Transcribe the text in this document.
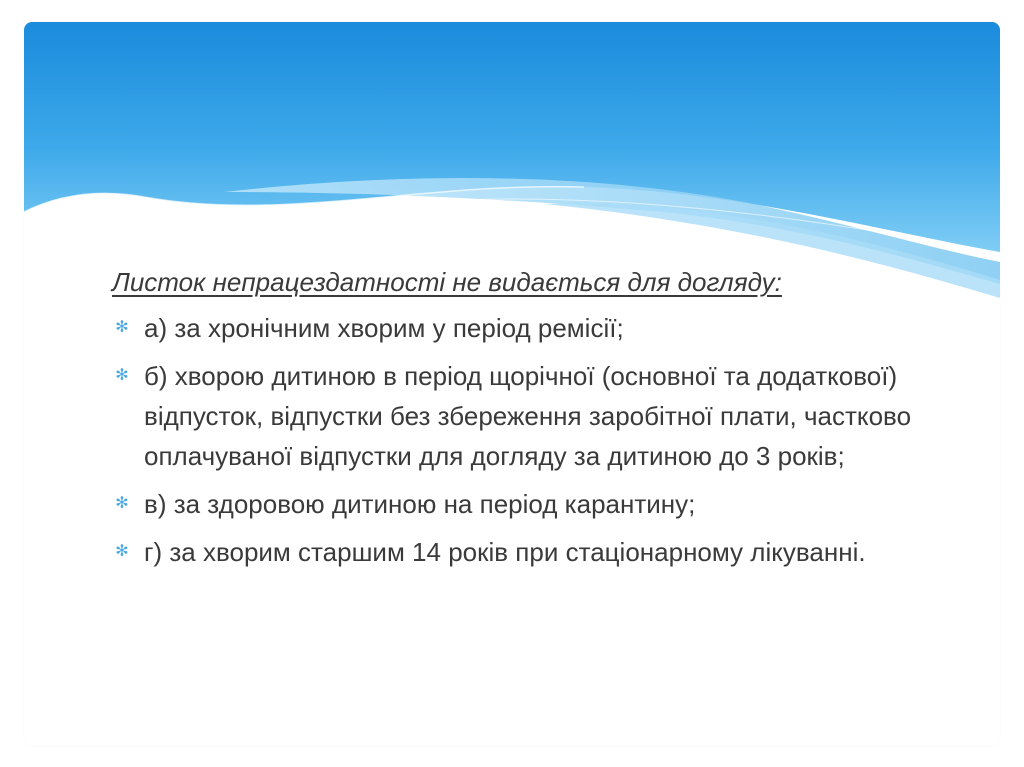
Листок непрацездатності не видається для догляду:

✻ а) за хронічним хворим у період ремісії;
✻ б) хворою дитиною в період щорічної (основної та додаткової) відпусток, відпустки без збереження заробітної плати, частково оплачуваної відпустки для догляду за дитиною до 3 років;
✻ в) за здоровою дитиною на період карантину;
✻ г) за хворим старшим 14 років при стаціонарному лікуванні.
